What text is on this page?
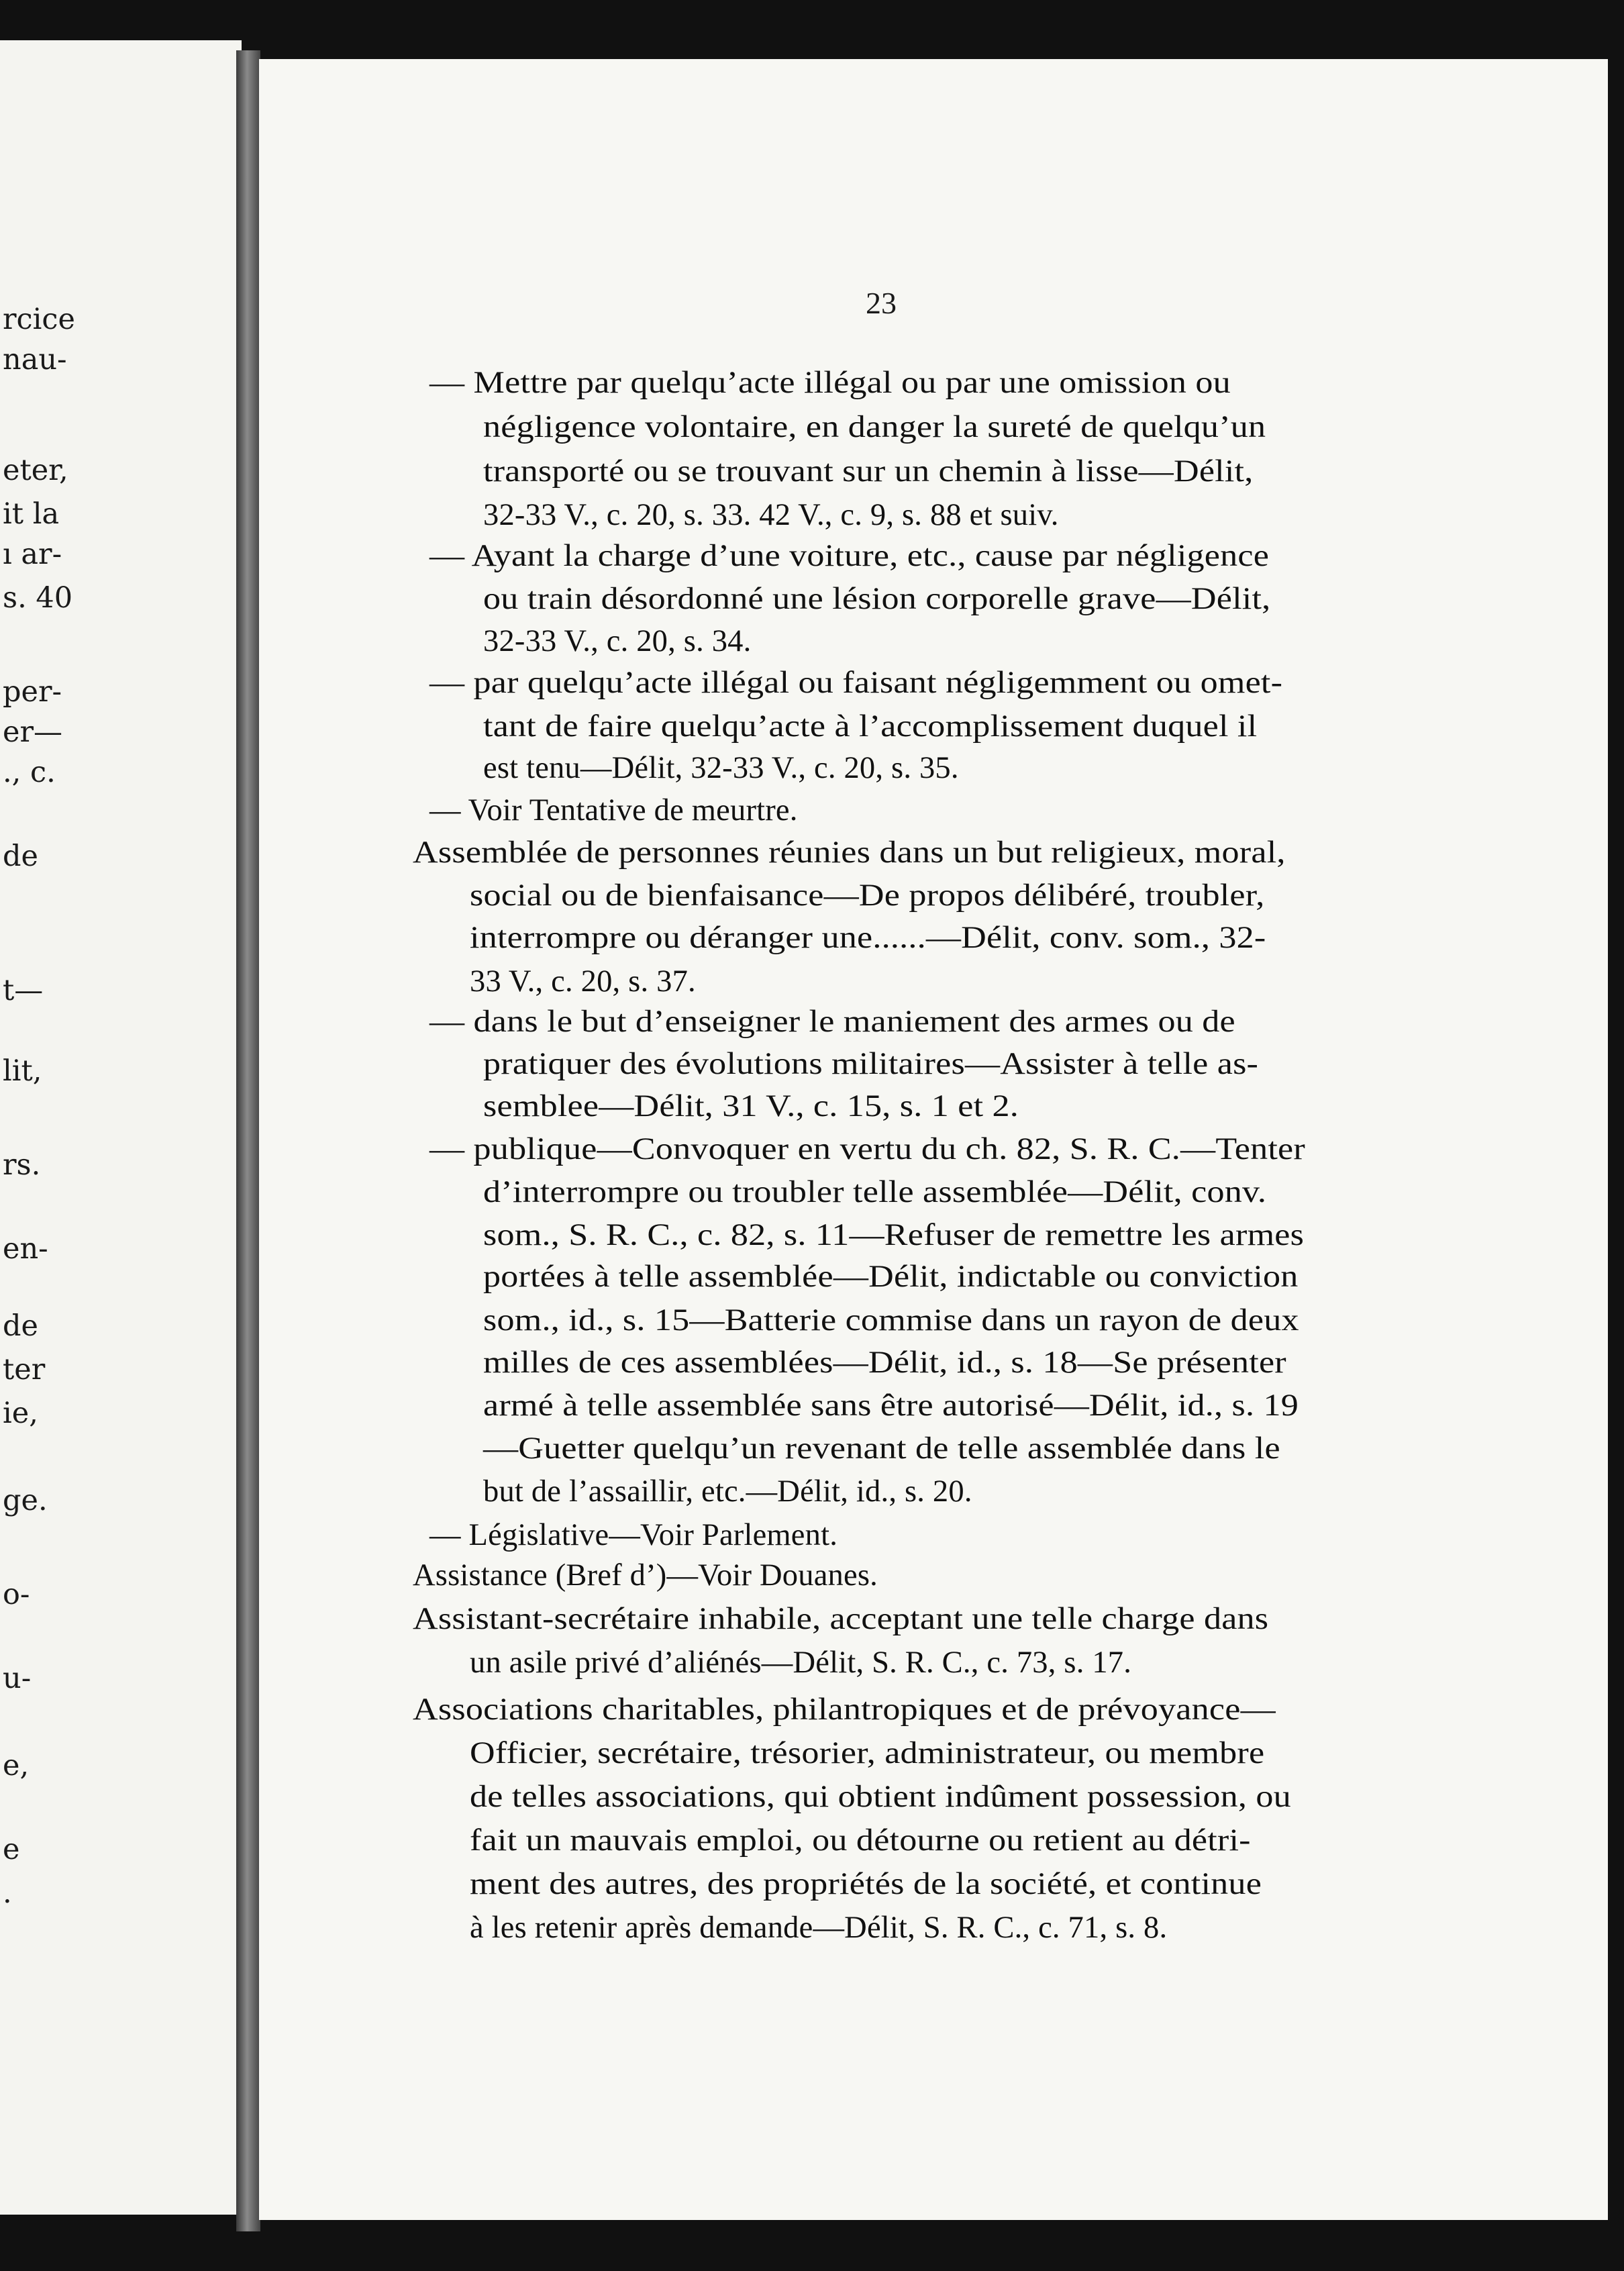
rcice
nau-
eter,
it la
ı ar-
s. 40
per-
er—
., c.
de
t—
lit,
rs.
en-
de
ter
ie,
ge.
o-
u-
e,
e
.
23
— Mettre par quelqu’acte illégal ou par une omission ou
négligence volontaire, en danger la sureté de quelqu’un
transporté ou se trouvant sur un chemin à lisse—Délit,
32-33 V., c. 20, s. 33. 42 V., c. 9, s. 88 et suiv.
— Ayant la charge d’une voiture, etc., cause par négligence
ou train désordonné une lésion corporelle grave—Délit,
32-33 V., c. 20, s. 34.
— par quelqu’acte illégal ou faisant négligemment ou omet-
tant de faire quelqu’acte à l’accomplissement duquel il
est tenu—Délit, 32-33 V., c. 20, s. 35.
— Voir Tentative de meurtre.
Assemblée de personnes réunies dans un but religieux, moral,
social ou de bienfaisance—De propos délibéré, troubler,
interrompre ou déranger une......—Délit, conv. som., 32-
33 V., c. 20, s. 37.
— dans le but d’enseigner le maniement des armes ou de
pratiquer des évolutions militaires—Assister à telle as-
semblee—Délit, 31 V., c. 15, s. 1 et 2.
— publique—Convoquer en vertu du ch. 82, S. R. C.—Tenter
d’interrompre ou troubler telle assemblée—Délit, conv.
som., S. R. C., c. 82, s. 11—Refuser de remettre les armes
portées à telle assemblée—Délit, indictable ou conviction
som., id., s. 15—Batterie commise dans un rayon de deux
milles de ces assemblées—Délit, id., s. 18—Se présenter
armé à telle assemblée sans être autorisé—Délit, id., s. 19
—Guetter quelqu’un revenant de telle assemblée dans le
but de l’assaillir, etc.—Délit, id., s. 20.
— Législative—Voir Parlement.
Assistance (Bref d’)—Voir Douanes.
Assistant-secrétaire inhabile, acceptant une telle charge dans
un asile privé d’aliénés—Délit, S. R. C., c. 73, s. 17.
Associations charitables, philantropiques et de prévoyance—
Officier, secrétaire, trésorier, administrateur, ou membre
de telles associations, qui obtient indûment possession, ou
fait un mauvais emploi, ou détourne ou retient au détri-
ment des autres, des propriétés de la société, et continue
à les retenir après demande—Délit, S. R. C., c. 71, s. 8.
